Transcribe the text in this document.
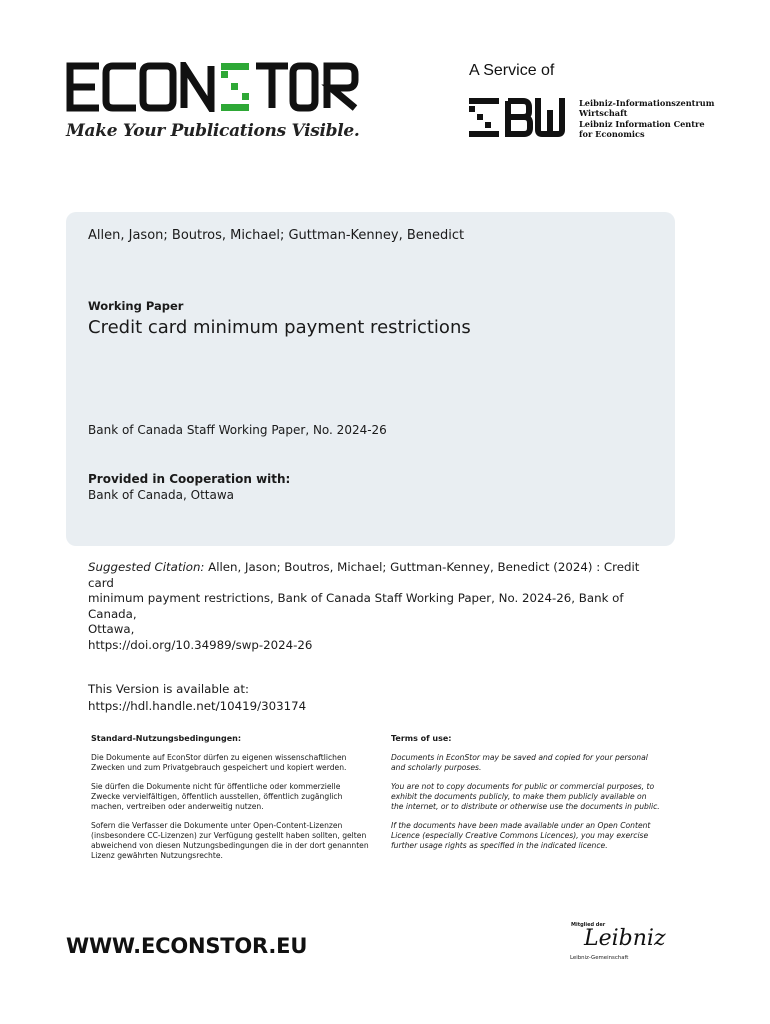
Make Your Publications Visible.
A Service of
Leibniz-Informationszentrum
Wirtschaft
Leibniz Information Centre
for Economics
Allen, Jason; Boutros, Michael; Guttman-Kenney, Benedict
Working Paper
Credit card minimum payment restrictions
Bank of Canada Staff Working Paper, No. 2024-26
Provided in Cooperation with:
Bank of Canada, Ottawa
Suggested Citation: Allen, Jason; Boutros, Michael; Guttman-Kenney, Benedict (2024) : Credit card
minimum payment restrictions, Bank of Canada Staff Working Paper, No. 2024-26, Bank of Canada,
Ottawa,
https://doi.org/10.34989/swp-2024-26
This Version is available at:
https://hdl.handle.net/10419/303174
Standard-Nutzungsbedingungen:

Die Dokumente auf EconStor dürfen zu eigenen wissenschaftlichen Zwecken und zum Privatgebrauch gespeichert und kopiert werden.

Sie dürfen die Dokumente nicht für öffentliche oder kommerzielle Zwecke vervielfältigen, öffentlich ausstellen, öffentlich zugänglich machen, vertreiben oder anderweitig nutzen.

Sofern die Verfasser die Dokumente unter Open-Content-Lizenzen (insbesondere CC-Lizenzen) zur Verfügung gestellt haben sollten, gelten abweichend von diesen Nutzungsbedingungen die in der dort genannten Lizenz gewährten Nutzungsrechte.

Terms of use:

Documents in EconStor may be saved and copied for your personal and scholarly purposes.

You are not to copy documents for public or commercial purposes, to exhibit the documents publicly, to make them publicly available on the internet, or to distribute or otherwise use the documents in public.

If the documents have been made available under an Open Content Licence (especially Creative Commons Licences), you may exercise further usage rights as specified in the indicated licence.

WWW.ECONSTOR.EU
Mitglied der
Leibniz
Leibniz-Gemeinschaft
